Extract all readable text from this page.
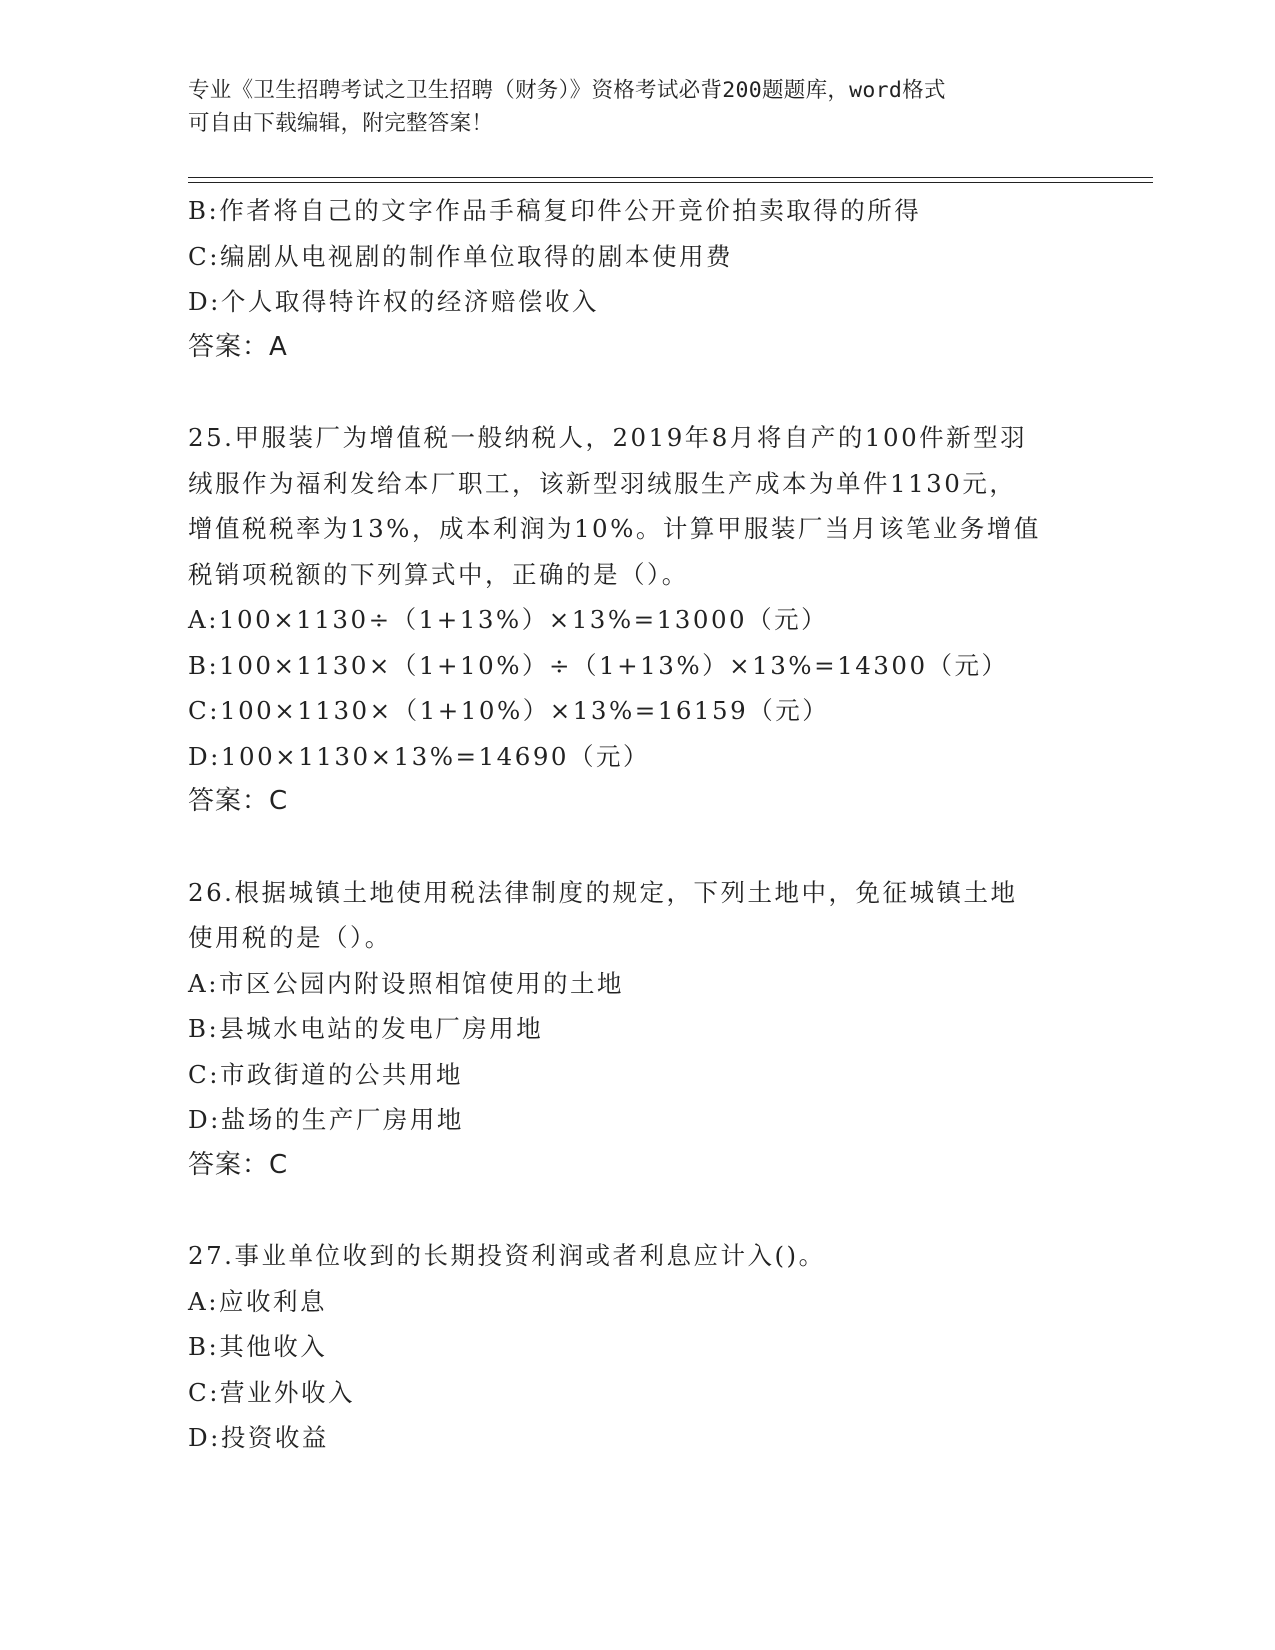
专业《卫生招聘考试之卫生招聘（财务）》资格考试必背200题题库，word格式
可自由下载编辑，附完整答案！
B:作者将自己的文字作品手稿复印件公开竞价拍卖取得的所得
C:编剧从电视剧的制作单位取得的剧本使用费
D:个人取得特许权的经济赔偿收入
答案：A
25.甲服装厂为增值税一般纳税人，2019年8月将自产的100件新型羽
绒服作为福利发给本厂职工，该新型羽绒服生产成本为单件1130元，
增值税税率为13%，成本利润为10%。计算甲服装厂当月该笔业务增值
税销项税额的下列算式中，正确的是（）。
A:100×1130÷（1+13%）×13%=13000（元）
B:100×1130×（1+10%）÷（1+13%）×13%=14300（元）
C:100×1130×（1+10%）×13%=16159（元）
D:100×1130×13%=14690（元）
答案：C
26.根据城镇土地使用税法律制度的规定，下列土地中，免征城镇土地
使用税的是（）。
A:市区公园内附设照相馆使用的土地
B:县城水电站的发电厂房用地
C:市政街道的公共用地
D:盐场的生产厂房用地
答案：C
27.事业单位收到的长期投资利润或者利息应计入()。
A:应收利息
B:其他收入
C:营业外收入
D:投资收益
